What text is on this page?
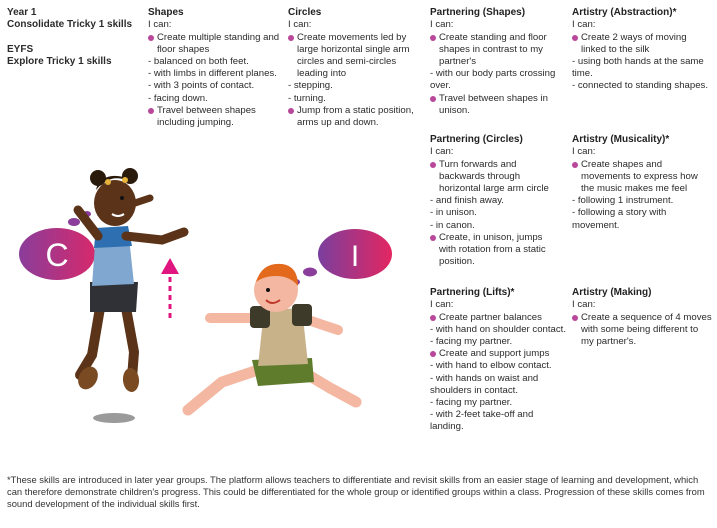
Year 1
Consolidate Tricky 1 skills
EYFS
Explore Tricky 1 skills
Shapes
I can:
Create multiple standing and floor shapes
- balanced on both feet.
- with limbs in different planes.
- with 3 points of contact.
- facing down.
Travel between shapes including jumping.
Circles
I can:
Create movements led by large horizontal single arm circles and semi-circles leading into
- stepping.
- turning.
Jump from a static position, arms up and down.
Partnering (Shapes)
I can:
Create standing and floor shapes in contrast to my partner's
- with our body parts crossing over.
Travel between shapes in unison.
Artistry (Abstraction)*
I can:
Create 2 ways of moving linked to the silk
- using both hands at the same time.
- connected to standing shapes.
Partnering (Circles)
I can:
Turn forwards and backwards through horizontal large arm circle
- and finish away.
- in unison.
- in canon.
Create, in unison, jumps with rotation from a static position.
Artistry (Musicality)*
I can:
Create shapes and movements to express how the music makes me feel
- following 1 instrument.
- following a story with movement.
Partnering (Lifts)*
I can:
Create partner balances
- with hand on shoulder contact.
- facing my partner.
Create and support jumps
- with hand to elbow contact.
- with hands on waist and shoulders in contact.
- facing my partner.
- with 2-feet take-off and landing.
Artistry (Making)
I can:
Create a sequence of 4 moves with some being different to my partner's.
C	I

*These skills are introduced in later year groups. The platform allows teachers to differentiate and revisit skills from an easier stage of learning and development, which can therefore demonstrate children's progress. This could be differentiated for the whole group or identified groups within a class. Progression of these skills comes from sound development of the individual skills first.
